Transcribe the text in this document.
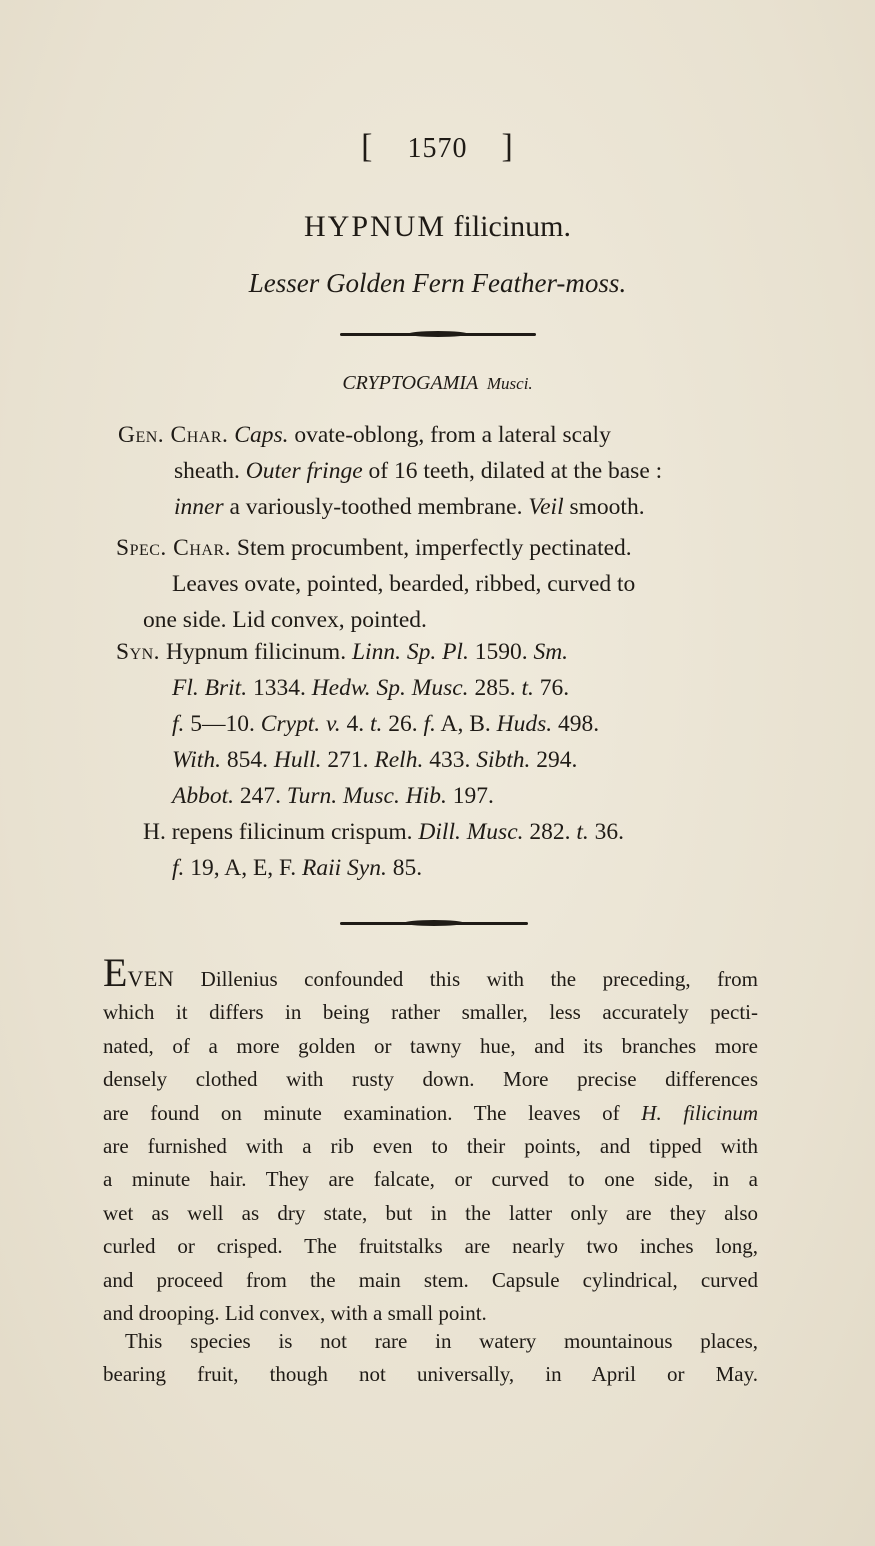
[ 1570 ]
HYPNUM filicinum.
Lesser Golden Fern Feather-moss.
CRYPTOGAMIA Musci.
Gen. Char. Caps. ovate-oblong, from a lateral scaly
sheath. Outer fringe of 16 teeth, dilated at the base :
inner a variously-toothed membrane. Veil smooth.
Spec. Char. Stem procumbent, imperfectly pectinated.
Leaves ovate, pointed, bearded, ribbed, curved to
one side. Lid convex, pointed.
Syn. Hypnum filicinum. Linn. Sp. Pl. 1590. Sm.
Fl. Brit. 1334. Hedw. Sp. Musc. 285. t. 76.
f. 5—10. Crypt. v. 4. t. 26. f. A, B. Huds. 498.
With. 854. Hull. 271. Relh. 433. Sibth. 294.
Abbot. 247. Turn. Musc. Hib. 197.
H. repens filicinum crispum. Dill. Musc. 282. t. 36.
f. 19, A, E, F. Raii Syn. 85.
EVEN Dillenius confounded this with the preceding, from
which it differs in being rather smaller, less accurately pecti-
nated, of a more golden or tawny hue, and its branches more
densely clothed with rusty down. More precise differences
are found on minute examination. The leaves of H. filicinum
are furnished with a rib even to their points, and tipped with
a minute hair. They are falcate, or curved to one side, in a
wet as well as dry state, but in the latter only are they also
curled or crisped. The fruitstalks are nearly two inches long,
and proceed from the main stem. Capsule cylindrical, curved
and drooping. Lid convex, with a small point.
This species is not rare in watery mountainous places,
bearing fruit, though not universally, in April or May.
